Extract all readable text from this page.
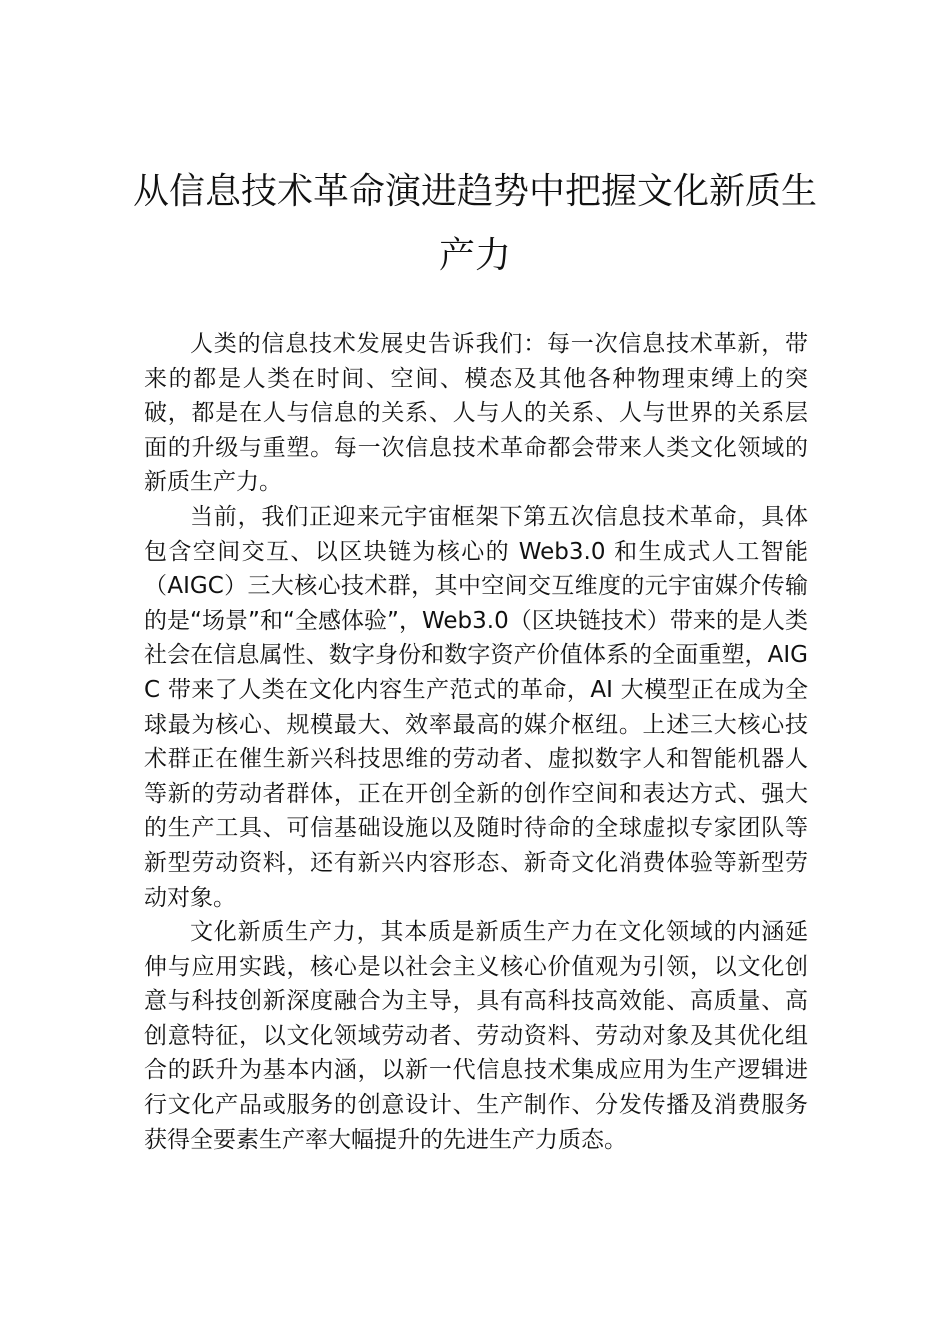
从信息技术革命演进趋势中把握文化新质生产力

人类的信息技术发展史告诉我们：每一次信息技术革新，带来的都是人类在时间、空间、模态及其他各种物理束缚上的突破，都是在人与信息的关系、人与人的关系、人与世界的关系层面的升级与重塑。每一次信息技术革命都会带来人类文化领域的新质生产力。

当前，我们正迎来元宇宙框架下第五次信息技术革命，具体包含空间交互、以区块链为核心的 Web3.0 和生成式人工智能（AIGC）三大核心技术群，其中空间交互维度的元宇宙媒介传输的是“场景”和“全感体验”，Web3.0（区块链技术）带来的是人类社会在信息属性、数字身份和数字资产价值体系的全面重塑，AIGC 带来了人类在文化内容生产范式的革命，AI 大模型正在成为全球最为核心、规模最大、效率最高的媒介枢纽。上述三大核心技术群正在催生新兴科技思维的劳动者、虚拟数字人和智能机器人等新的劳动者群体，正在开创全新的创作空间和表达方式、强大的生产工具、可信基础设施以及随时待命的全球虚拟专家团队等新型劳动资料，还有新兴内容形态、新奇文化消费体验等新型劳动对象。

文化新质生产力，其本质是新质生产力在文化领域的内涵延伸与应用实践，核心是以社会主义核心价值观为引领，以文化创意与科技创新深度融合为主导，具有高科技高效能、高质量、高创意特征，以文化领域劳动者、劳动资料、劳动对象及其优化组合的跃升为基本内涵，以新一代信息技术集成应用为生产逻辑进行文化产品或服务的创意设计、生产制作、分发传播及消费服务获得全要素生产率大幅提升的先进生产力质态。
